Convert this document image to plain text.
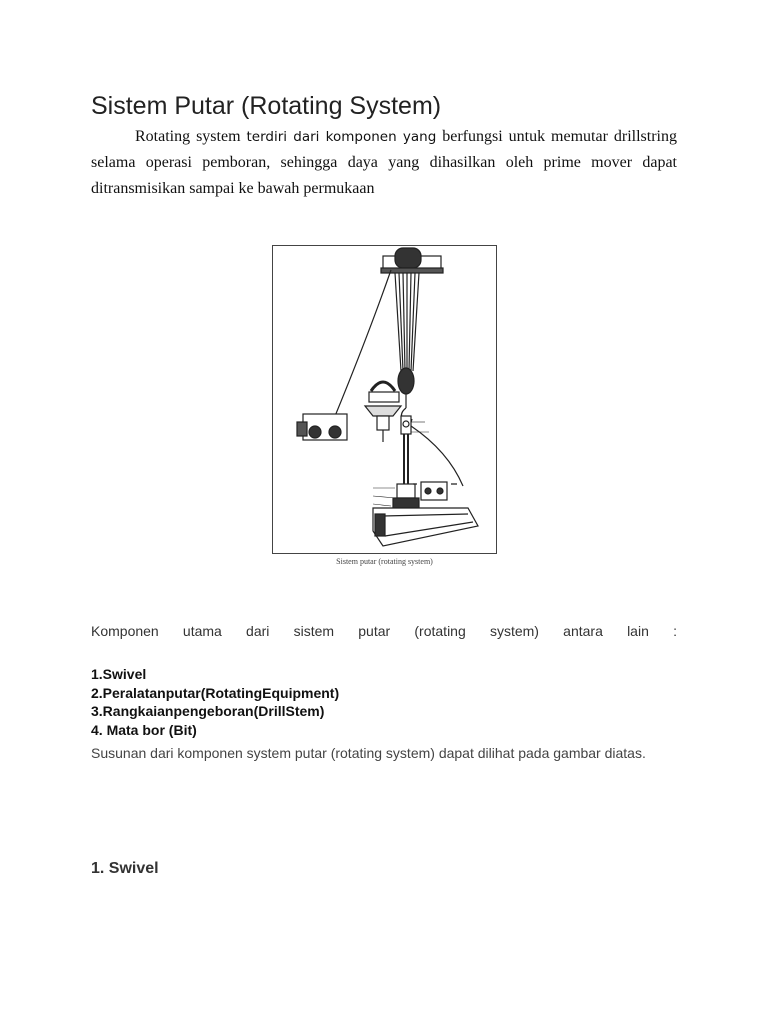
Sistem Putar (Rotating System)

Rotating system terdiri dari komponen yang berfungsi untuk memutar drillstring selama operasi pemboran, sehingga daya yang dihasilkan oleh prime mover dapat ditransmisikan sampai ke bawah permukaan

Sistem putar (rotating system)
Komponen utama dari sistem putar (rotating system) antara lain :
1.Swivel
2.Peralatanputar(RotatingEquipment)
3.Rangkaianpengeboran(DrillStem)
4. Mata bor (Bit)

Susunan dari komponen system putar (rotating system) dapat dilihat pada gambar diatas.

1. Swivel
